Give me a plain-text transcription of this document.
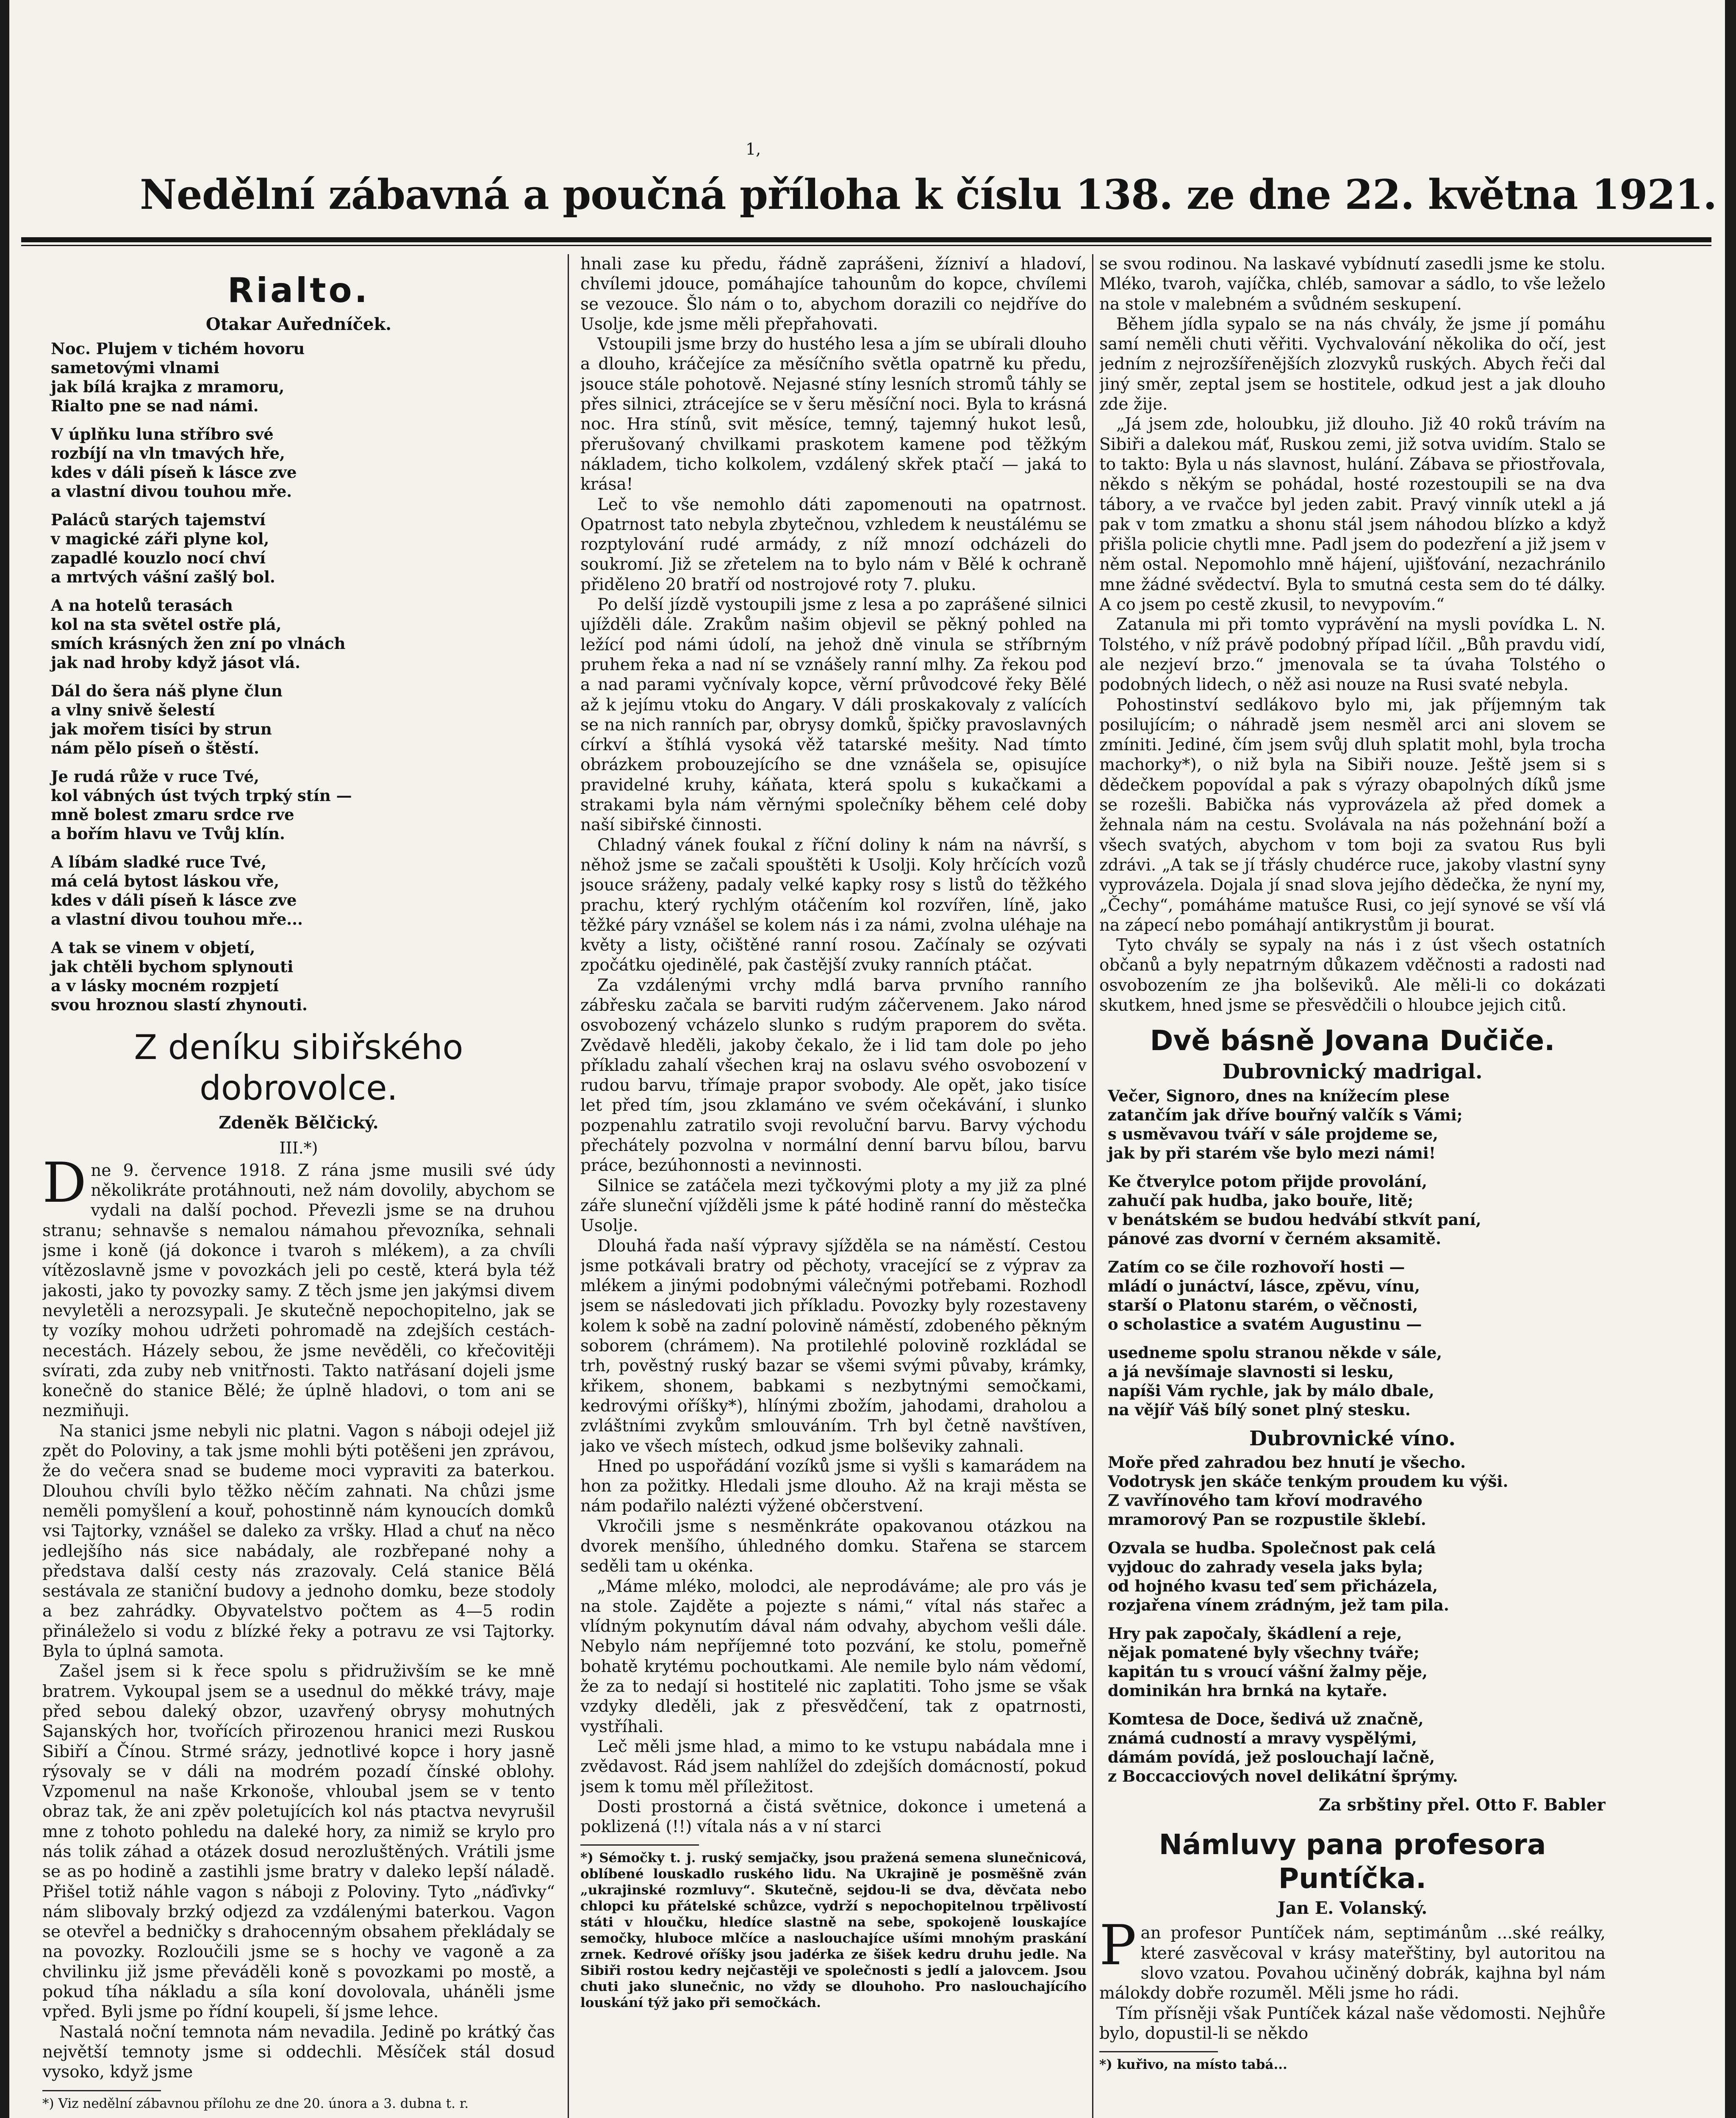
1,
Nedělní zábavná a poučná příloha k číslu 138. ze dne 22. května 1921.
Rialto.
Otakar Auředníček.
Noc. Plujem v tichém hovoru
sametovými vlnami
jak bílá krajka z mramoru,
Rialto pne se nad námi.
V úplňku luna stříbro své
rozbíjí na vln tmavých hře,
kdes v dáli píseň k lásce zve
a vlastní divou touhou mře.
Paláců starých tajemství
v magické záři plyne kol,
zapadlé kouzlo nocí chví
a mrtvých vášní zašlý bol.
A na hotelů terasách
kol na sta světel ostře plá,
smích krásných žen zní po vlnách
jak nad hroby když jásot vlá.
Dál do šera náš plyne člun
a vlny snivě šelestí
jak mořem tisíci by strun
nám pělo píseň o štěstí.
Je rudá růže v ruce Tvé,
kol vábných úst tvých trpký stín —
mně bolest zmaru srdce rve
a bořím hlavu ve Tvůj klín.
A líbám sladké ruce Tvé,
má celá bytost láskou vře,
kdes v dáli píseň k lásce zve
a vlastní divou touhou mře...
A tak se vinem v objetí,
jak chtěli bychom splynouti
a v lásky mocném rozpjetí
svou hroznou slastí zhynouti.
Z deníku sibiřského dobrovolce.
Zdeněk Bělčický.
III.*)

Dne 9. července 1918. Z rána jsme musili své údy několikráte protáhnouti, než nám dovolily, abychom se vydali na další pochod. Převezli jsme se na druhou stranu; sehnavše s nemalou námahou převozníka, sehnali jsme i koně (já dokonce i tvaroh s mlékem), a za chvíli vítězoslavně jsme v povozkách jeli po cestě, která byla též jakosti, jako ty povozky samy. Z těch jsme jen jakýmsi divem nevyletěli a nerozsypali. Je skutečně nepochopitelno, jak se ty vozíky mohou udržeti pohromadě na zdejších cestách-necestách. Házely sebou, že jsme nevěděli, co křečovitěji svírati, zda zuby neb vnitřnosti. Takto natřásaní dojeli jsme konečně do stanice Bělé; že úplně hladovi, o tom ani se nezmiňuji.

Na stanici jsme nebyli nic platni. Vagon s náboji odejel již zpět do Poloviny, a tak jsme mohli býti potěšeni jen zprávou, že do večera snad se budeme moci vypraviti za baterkou. Dlouhou chvíli bylo těžko něčím zahnati. Na chůzi jsme neměli pomyšlení a kouř, pohostinně nám kynoucích domků vsi Tajtorky, vznášel se daleko za vršky. Hlad a chuť na něco jedlejšího nás sice nabádaly, ale rozbřepané nohy a představa další cesty nás zrazovaly. Celá stanice Bělá sestávala ze staniční budovy a jednoho domku, beze stodoly a bez zahrádky. Obyvatelstvo počtem as 4—5 rodin přináleželo si vodu z blízké řeky a potravu ze vsi Tajtorky. Byla to úplná samota.

Zašel jsem si k řece spolu s přidruživším se ke mně bratrem. Vykoupal jsem se a usednul do měkké trávy, maje před sebou daleký obzor, uzavřený obrysy mohutných Sajanských hor, tvořících přirozenou hranici mezi Ruskou Sibiří a Čínou. Strmé srázy, jednotlivé kopce i hory jasně rýsovaly se v dáli na modrém pozadí čínské oblohy. Vzpomenul na naše Krkonoše, vhloubal jsem se v tento obraz tak, že ani zpěv poletujících kol nás ptactva nevyrušil mne z tohoto pohledu na daleké hory, za nimiž se krylo pro nás tolik záhad a otázek dosud nerozluštěných. Vrátili jsme se as po hodině a zastihli jsme bratry v daleko lepší náladě. Přišel totiž náhle vagon s náboji z Poloviny. Tyto „náďivky“ nám slibovaly brzký odjezd za vzdálenými baterkou. Vagon se otevřel a bedničky s drahocenným obsahem překládaly se na povozky. Rozloučili jsme se s hochy ve vagoně a za chvilinku již jsme převáděli koně s povozkami po mostě, a pokud tíha nákladu a síla koní dovolovala, uháněli jsme vpřed. Byli jsme po řídní koupeli, ší jsme lehce.

Nastalá noční temnota nám nevadila. Jedině po krátký čas největší temnoty jsme si oddechli. Měsíček stál dosud vysoko, když jsme

*) Viz nedělní zábavnou přílohu ze dne 20. února a 3. dubna t. r.

hnali zase ku předu, řádně zaprášeni, žízniví a hladoví, chvílemi jdouce, pomáhajíce tahounům do kopce, chvílemi se vezouce. Šlo nám o to, abychom dorazili co nejdříve do Usolje, kde jsme měli přepřahovati.

Vstoupili jsme brzy do hustého lesa a jím se ubírali dlouho a dlouho, kráčejíce za měsíčního světla opatrně ku předu, jsouce stále pohotově. Nejasné stíny lesních stromů táhly se přes silnici, ztrácejíce se v šeru měsíční noci. Byla to krásná noc. Hra stínů, svit měsíce, temný, tajemný hukot lesů, přerušovaný chvilkami praskotem kamene pod těžkým nákladem, ticho kolkolem, vzdálený skřek ptačí — jaká to krása!

Leč to vše nemohlo dáti zapomenouti na opatrnost. Opatrnost tato nebyla zbytečnou, vzhledem k neustálému se rozptylování rudé armády, z níž mnozí odcházeli do soukromí. Již se zřetelem na to bylo nám v Bělé k ochraně přiděleno 20 bratří od nostrojové roty 7. pluku.

Po delší jízdě vystoupili jsme z lesa a po zaprášené silnici ujížděli dále. Zrakům našim objevil se pěkný pohled na ležící pod námi údolí, na jehož dně vinula se stříbrným pruhem řeka a nad ní se vznášely ranní mlhy. Za řekou pod a nad parami vyčnívaly kopce, věrní průvodcové řeky Bělé až k jejímu vtoku do Angary. V dáli proskakovaly z valících se na nich ranních par, obrysy domků, špičky pravoslavných církví a štíhlá vysoká věž tatarské mešity. Nad tímto obrázkem probouzejícího se dne vznášela se, opisujíce pravidelné kruhy, káňata, která spolu s kukačkami a strakami byla nám věrnými společníky během celé doby naší sibiřské činnosti.

Chladný vánek foukal z říční doliny k nám na návrší, s něhož jsme se začali spouštěti k Usolji. Koly hrčících vozů jsouce sráženy, padaly velké kapky rosy s listů do těžkého prachu, který rychlým otáčením kol rozvířen, líně, jako těžké páry vznášel se kolem nás i za námi, zvolna uléhaje na květy a listy, očištěné ranní rosou. Začínaly se ozývati zpočátku ojedinělé, pak častější zvuky ranních ptáčat.

Za vzdálenými vrchy mdlá barva prvního ranního zábřesku začala se barviti rudým záčervenem. Jako národ osvobozený vcházelo slunko s rudým praporem do světa. Zvědavě hleděli, jakoby čekalo, že i lid tam dole po jeho příkladu zahalí všechen kraj na oslavu svého osvobození v rudou barvu, třímaje prapor svobody. Ale opět, jako tisíce let před tím, jsou zklamáno ve svém očekávání, i slunko pozpenahlu zatratilo svoji revoluční barvu. Barvy východu přechátely pozvolna v normální denní barvu bílou, barvu práce, bezúhonnosti a nevinnosti.

Silnice se zatáčela mezi tyčkovými ploty a my již za plné záře sluneční vjížděli jsme k páté hodině ranní do městečka Usolje.

Dlouhá řada naší výpravy sjížděla se na náměstí. Cestou jsme potkávali bratry od pěchoty, vracející se z výprav za mlékem a jinými podobnými válečnými potřebami. Rozhodl jsem se následovati jich příkladu. Povozky byly rozestaveny kolem k sobě na zadní polovině náměstí, zdobeného pěkným soborem (chrámem). Na protilehlé polovině rozkládal se trh, pověstný ruský bazar se všemi svými půvaby, krámky, křikem, shonem, babkami s nezbytnými semočkami, kedrovými oříšky*), hlínými zbožím, jahodami, draholou a zvláštními zvykům smlouváním. Trh byl četně navštíven, jako ve všech místech, odkud jsme bolševiky zahnali.

Hned po uspořádání vozíků jsme si vyšli s kamarádem na hon za požitky. Hledali jsme dlouho. Až na kraji města se nám podařilo nalézti výžené občerstvení.

Vkročili jsme s nesměnkráte opakovanou otázkou na dvorek menšího, úhledného domku. Stařena se starcem seděli tam u okénka.

„Máme mléko, molodci, ale neprodáváme; ale pro vás je na stole. Zajděte a pojezte s námi,“ vítal nás stařec a vlídným pokynutím dával nám odvahy, abychom vešli dále. Nebylo nám nepříjemné toto pozvání, ke stolu, pomeřně bohatě krytému pochoutkami. Ale nemile bylo nám vědomí, že za to nedají si hostitelé nic zaplatiti. Toho jsme se však vzdyky dleděli, jak z přesvědčení, tak z opatrnosti, vystříhali.

Leč měli jsme hlad, a mimo to ke vstupu nabádala mne i zvědavost. Rád jsem nahlížel do zdejších domácností, pokud jsem k tomu měl příležitost.

Dosti prostorná a čistá světnice, dokonce i umetená a poklizená (!!) vítala nás a v ní starci

*) Sémočky t. j. ruský semjačky, jsou pražená semena slunečnicová, oblíbené louskadlo ruského lidu. Na Ukrajině je posměšně zván „ukrajinské rozmluvy“. Skutečně, sejdou-li se dva, děvčata nebo chlopci ku přátelské schůzce, vydrží s nepochopitelnou trpělivostí státi v hloučku, hledíce slastně na sebe, spokojeně louskajíce semočky, hluboce mlčíce a naslouchajíce ušími mnohým praskání zrnek. Kedrové oříšky jsou jadérka ze šišek kedru druhu jedle. Na Sibiři rostou kedry nejčastěji ve společnosti s jedlí a jalovcem. Jsou chuti jako slunečnic, no vždy se dlouhoho. Pro naslouchajícího louskání týž jako při semočkách.

se svou rodinou. Na laskavé vybídnutí zasedli jsme ke stolu. Mléko, tvaroh, vajíčka, chléb, samovar a sádlo, to vše leželo na stole v malebném a svůdném seskupení.

Během jídla sypalo se na nás chvály, že jsme jí pomáhu samí neměli chuti věřiti. Vychvalování několika do očí, jest jedním z nejrozšířenějších zlozvyků ruských. Abych řeči dal jiný směr, zeptal jsem se hostitele, odkud jest a jak dlouho zde žije.

„Já jsem zde, holoubku, již dlouho. Již 40 roků trávím na Sibiři a dalekou máť, Ruskou zemi, již sotva uvidím. Stalo se to takto: Byla u nás slavnost, hulání. Zábava se přiostřovala, někdo s někým se pohádal, hosté rozestoupili se na dva tábory, a ve rvačce byl jeden zabit. Pravý vinník utekl a já pak v tom zmatku a shonu stál jsem náhodou blízko a když přišla policie chytli mne. Padl jsem do podezření a již jsem v něm ostal. Nepomohlo mně hájení, ujišťování, nezachránilo mne žádné svědectví. Byla to smutná cesta sem do té dálky. A co jsem po cestě zkusil, to nevypovím.“

Zatanula mi při tomto vyprávění na mysli povídka L. N. Tolstého, v níž právě podobný případ líčil. „Bůh pravdu vidí, ale nezjeví brzo.“ jmenovala se ta úvaha Tolstého o podobných lidech, o něž asi nouze na Rusi svaté nebyla.

Pohostinství sedlákovo bylo mi, jak příjemným tak posilujícím; o náhradě jsem nesměl arci ani slovem se zmíniti. Jediné, čím jsem svůj dluh splatit mohl, byla trocha machorky*), o niž byla na Sibiři nouze. Ještě jsem si s dědečkem popovídal a pak s výrazy obapolných díků jsme se rozešli. Babička nás vyprovázela až před domek a žehnala nám na cestu. Svolávala na nás požehnání boží a všech svatých, abychom v tom boji za svatou Rus byli zdrávi. „A tak se jí třásly chudérce ruce, jakoby vlastní syny vyprovázela. Dojala jí snad slova jejího dědečka, že nyní my, „Čechy“, pomáháme matušce Rusi, co její synové se vší vlá na zápecí nebo pomáhají antikrystům ji bourat.

Tyto chvály se sypaly na nás i z úst všech ostatních občanů a byly nepatrným důkazem vděčnosti a radosti nad osvobozením ze jha bolševiků. Ale měli-li co dokázati skutkem, hned jsme se přesvědčili o hloubce jejich citů.

Dvě básně Jovana Dučiče.
Dubrovnický madrigal.
Večer, Signoro, dnes na knížecím plese
zatančím jak dříve bouřný valčík s Vámi;
s usměvavou tváří v sále projdeme se,
jak by při starém vše bylo mezi námi!
Ke čtverylce potom přijde provolání,
zahučí pak hudba, jako bouře, litě;
v benátském se budou hedvábí stkvít paní,
pánové zas dvorní v černém aksamitě.
Zatím co se čile rozhovoří hosti —
mládí o junáctví, lásce, zpěvu, vínu,
starší o Platonu starém, o věčnosti,
o scholastice a svatém Augustinu —
usedneme spolu stranou někde v sále,
a já nevšímaje slavnosti si lesku,
napíši Vám rychle, jak by málo dbale,
na vějíř Váš bílý sonet plný stesku.
Dubrovnické víno.
Moře před zahradou bez hnutí je všecho.
Vodotrysk jen skáče tenkým proudem ku výši.
Z vavřínového tam křoví modravého
mramorový Pan se rozpustile šklebí.
Ozvala se hudba. Společnost pak celá
vyjdouc do zahrady vesela jaks byla;
od hojného kvasu teď sem přicházela,
rozjařena vínem zrádným, jež tam pila.
Hry pak započaly, škádlení a reje,
nějak pomatené byly všechny tváře;
kapitán tu s vroucí vášní žalmy pěje,
dominikán hra brnká na kytaře.
Komtesa de Doce, šedivá už značně,
známá cudností a mravy vyspělými,
dámám povídá, jež poslouchají lačně,
z Boccacciových novel delikátní šprýmy.
Za srbštiny přel. Otto F. Babler
Námluvy pana profesora Puntíčka.
Jan E. Volanský.

Pan profesor Puntíček nám, septimánům ...ské reálky, které zasvěcoval v krásy mateřštiny, byl autoritou na slovo vzatou. Povahou učiněný dobrák, kajhna byl nám málokdy dobře rozuměl. Měli jsme ho rádi.

Tím přísněji však Puntíček kázal naše vědomosti. Nejhůře bylo, dopustil-li se někdo

*) kuřivo, na místo tabá...
